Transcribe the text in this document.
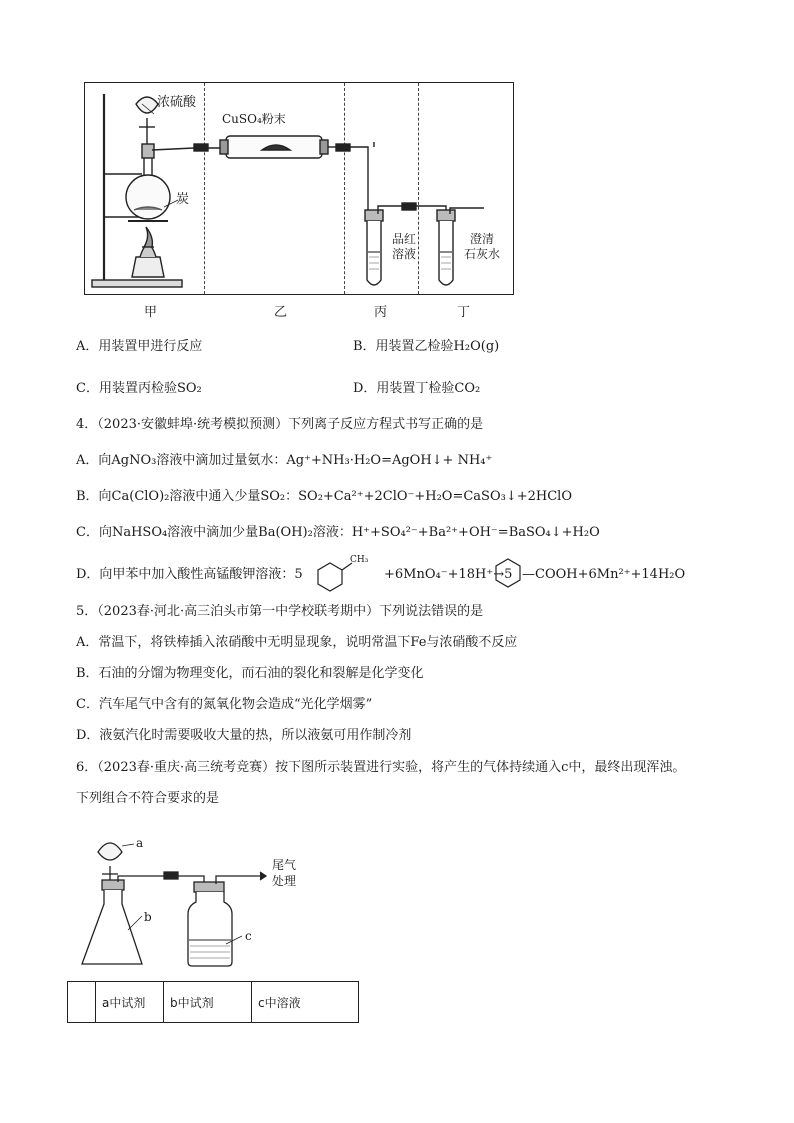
浓硫酸
炭
CuSO₄粉末
品红
溶液
澄清
石灰水
甲	乙	丙	丁
A．用装置甲进行反应	B．用装置乙检验H₂O(g)
C．用装置丙检验SO₂	D．用装置丁检验CO₂
4．（2023·安徽蚌埠·统考模拟预测）下列离子反应方程式书写正确的是
A．向AgNO₃溶液中滴加过量氨水：Ag⁺+NH₃·H₂O=AgOH↓+ NH₄⁺
B．向Ca(ClO)₂溶液中通入少量SO₂：SO₂+Ca²⁺+2ClO⁻+H₂O=CaSO₃↓+2HClO
C．向NaHSO₄溶液中滴加少量Ba(OH)₂溶液：H⁺+SO₄²⁻+Ba²⁺+OH⁻=BaSO₄↓+H₂O
D．向甲苯中加入酸性高锰酸钾溶液：5
CH₃
+6MnO₄⁻+18H⁺→5 —COOH+6Mn²⁺+14H₂O
5．（2023春·河北·高三泊头市第一中学校联考期中）下列说法错误的是
A．常温下，将铁棒插入浓硝酸中无明显现象，说明常温下Fe与浓硝酸不反应
B．石油的分馏为物理变化，而石油的裂化和裂解是化学变化
C．汽车尾气中含有的氮氧化物会造成“光化学烟雾”
D．液氨汽化时需要吸收大量的热，所以液氨可用作制冷剂
6．（2023春·重庆·高三统考竞赛）按下图所示装置进行实验，将产生的气体持续通入c中，最终出现浑浊。
下列组合不符合要求的是
a
b
c
尾气
处理
	a中试剂	b中试剂	c中溶液
